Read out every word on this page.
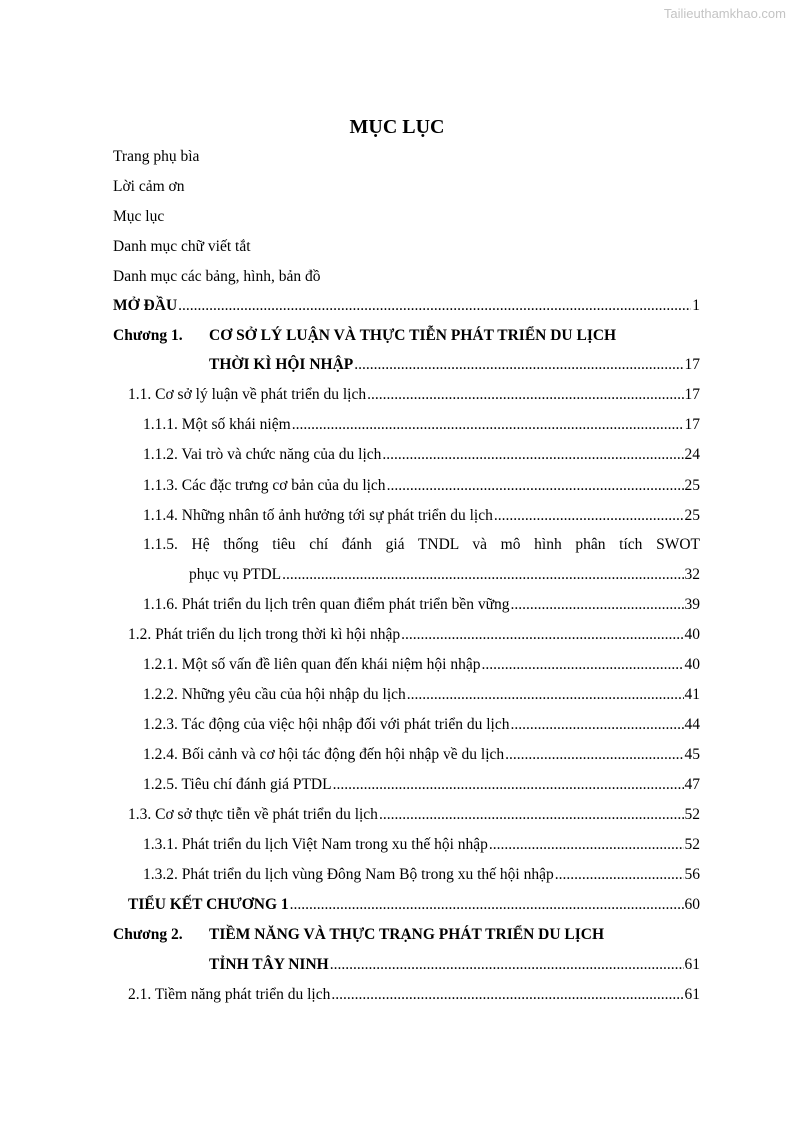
Tailieuthamkhao.com
MỤC LỤC
Trang phụ bìa
Lời cảm ơn
Mục lục
Danh mục chữ viết tắt
Danh mục các bảng, hình, bản đồ
MỞ ĐẦU .....	1
Chương 1. CƠ SỞ LÝ LUẬN VÀ THỰC TIỄN PHÁT TRIỂN DU LỊCH
THỜI KÌ HỘI NHẬP .....	17
1.1. Cơ sở lý luận về phát triển du lịch .....	17
1.1.1. Một số khái niệm .....	17
1.1.2. Vai trò và chức năng của du lịch .....	24
1.1.3. Các đặc trưng cơ bản của du lịch .....	25
1.1.4. Những nhân tố ảnh hưởng tới sự phát triển du lịch .....	25
1.1.5. Hệ thống tiêu chí đánh giá TNDL và mô hình phân tích SWOT
phục vụ PTDL .....	32
1.1.6. Phát triển du lịch trên quan điểm phát triển bền vững .....	39
1.2. Phát triển du lịch trong thời kì hội nhập .....	40
1.2.1. Một số vấn đề liên quan đến khái niệm hội nhập .....	40
1.2.2. Những yêu cầu của hội nhập du lịch .....	41
1.2.3. Tác động của việc hội nhập đối với phát triển du lịch .....	44
1.2.4. Bối cảnh và cơ hội tác động đến hội nhập về du lịch .....	45
1.2.5. Tiêu chí đánh giá PTDL .....	47
1.3. Cơ sở thực tiễn về phát triển du lịch .....	52
1.3.1. Phát triển du lịch Việt Nam trong xu thế hội nhập .....	52
1.3.2. Phát triển du lịch vùng Đông Nam Bộ trong xu thế hội nhập .....	56
TIỂU KẾT CHƯƠNG 1 .....	60
Chương 2. TIỀM NĂNG VÀ THỰC TRẠNG PHÁT TRIỂN DU LỊCH
TỈNH TÂY NINH .....	61
2.1. Tiềm năng phát triển du lịch .....	61
